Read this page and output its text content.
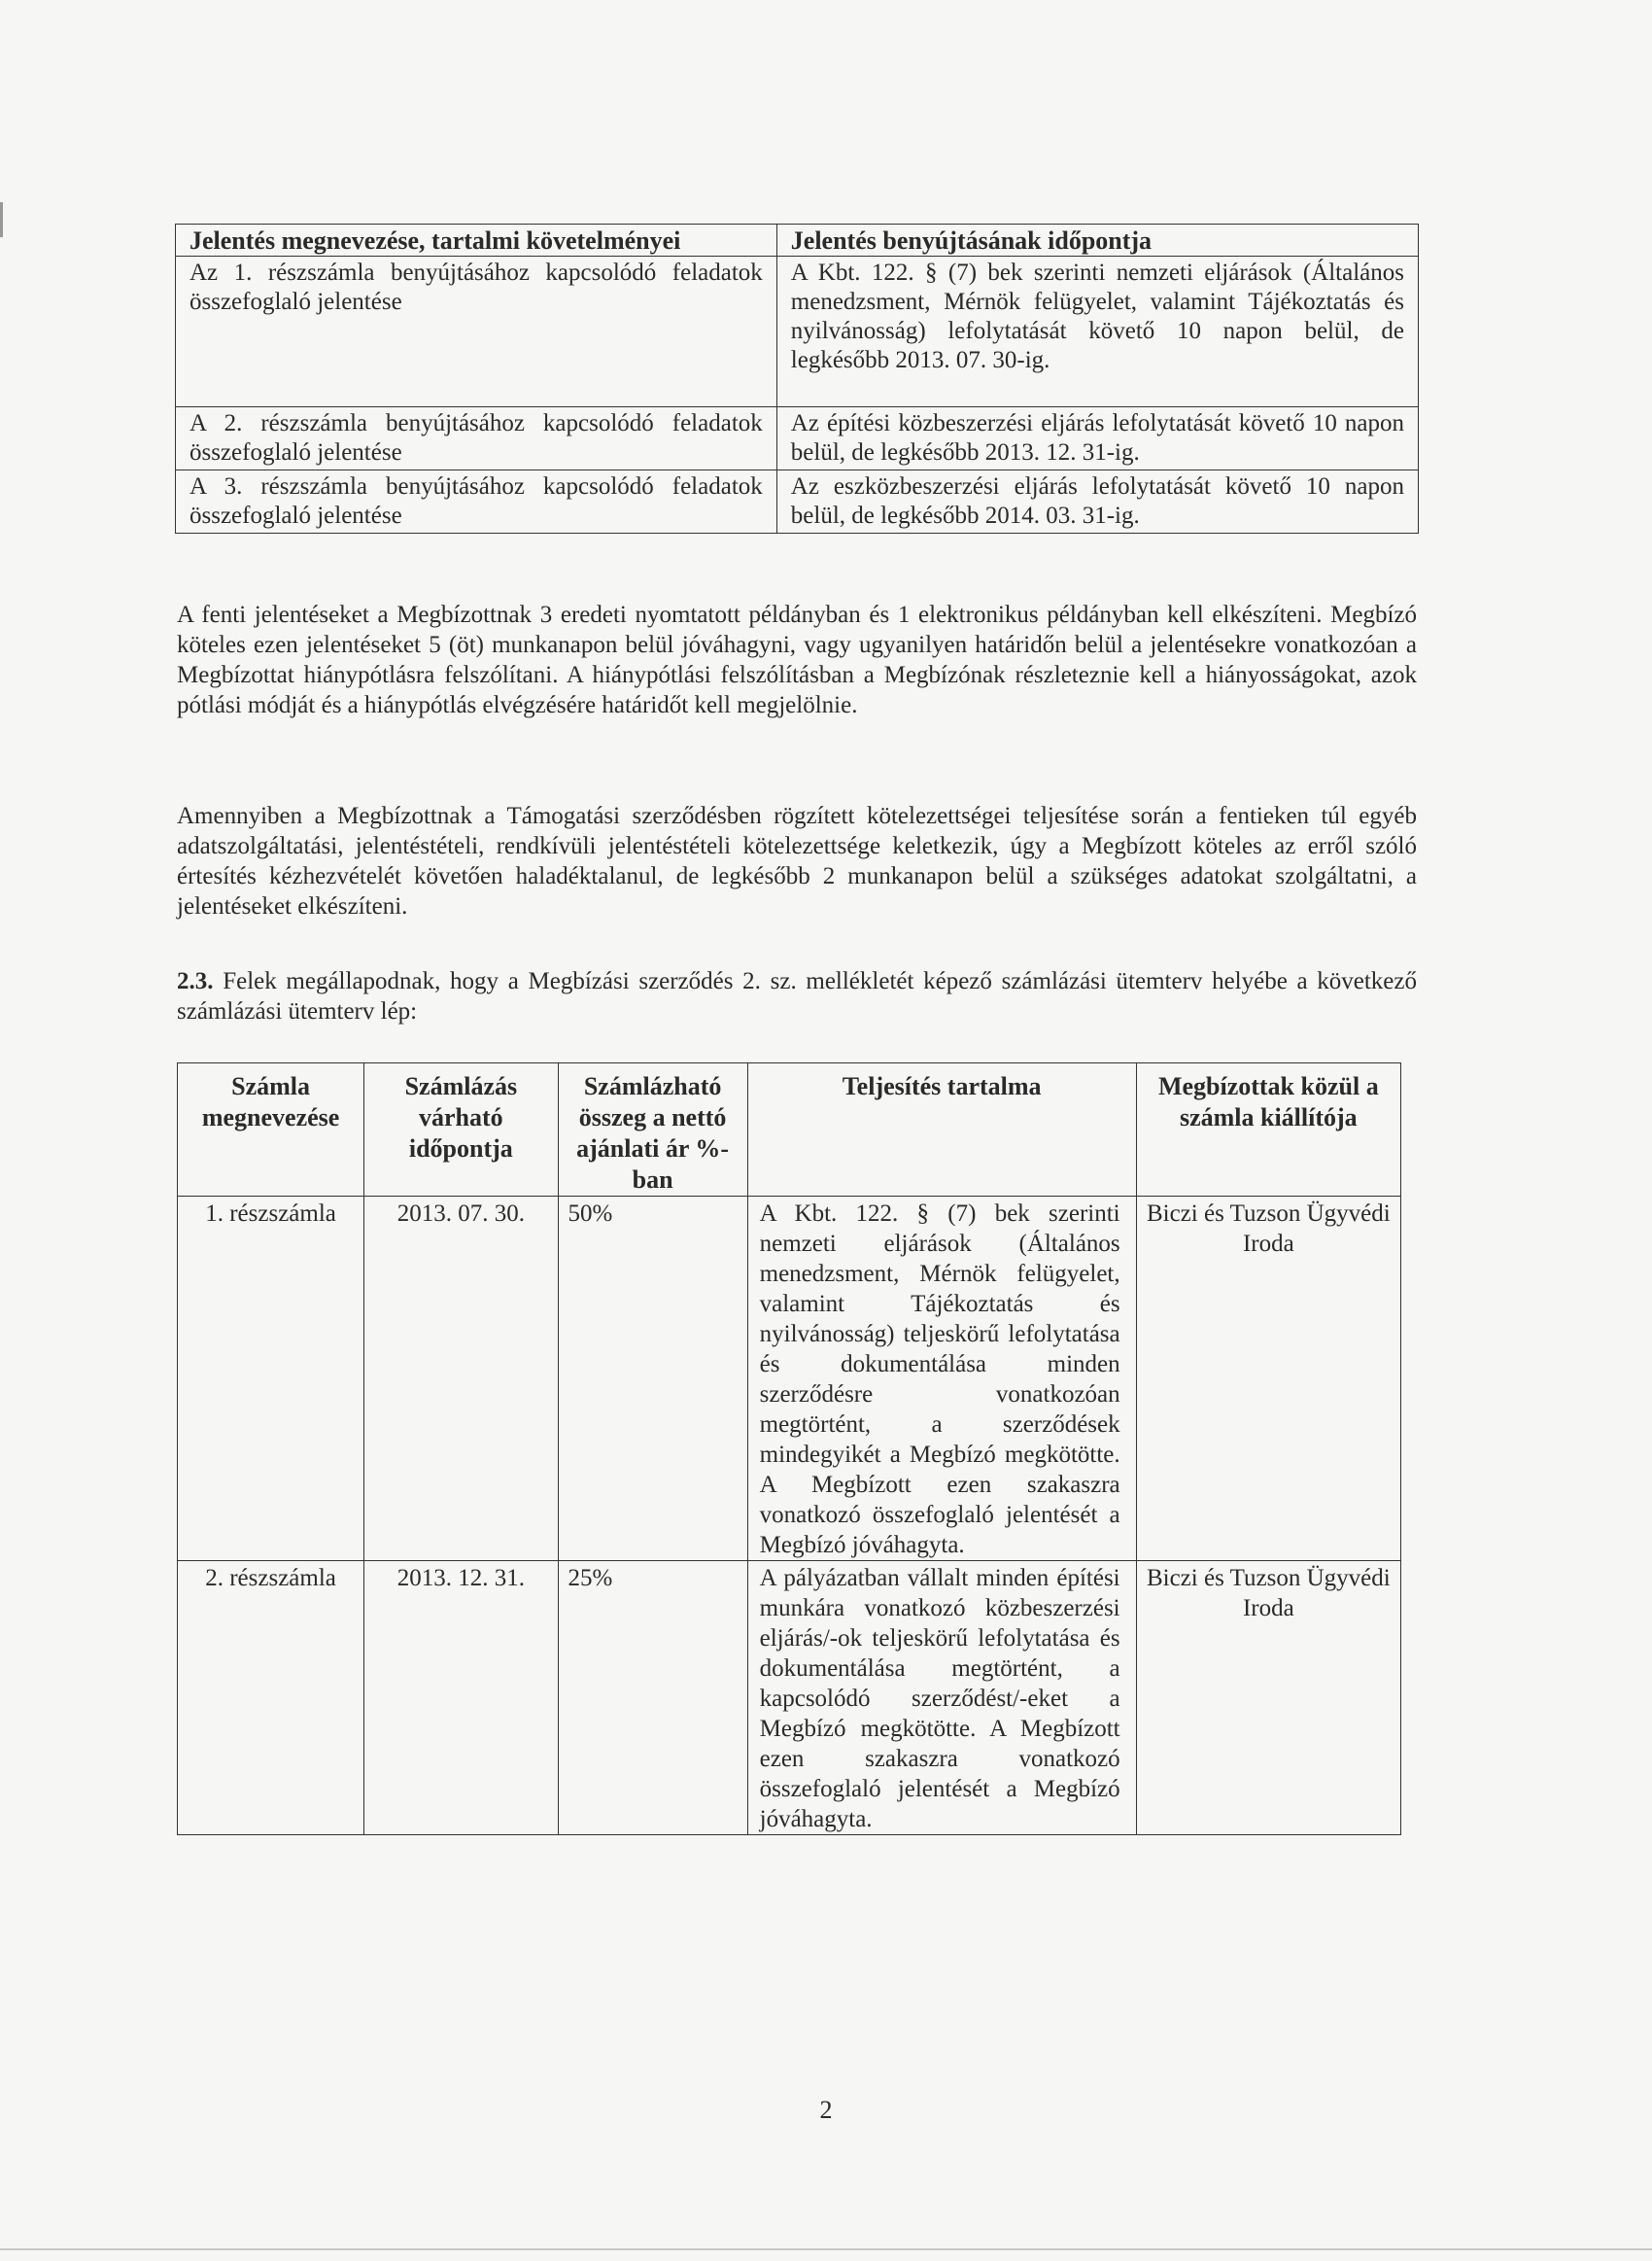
Jelentés megnevezése, tartalmi követelményei	Jelentés benyújtásának időpontja
Az 1. részszámla benyújtásához kapcsolódó feladatok összefoglaló jelentése	A Kbt. 122. § (7) bek szerinti nemzeti eljárások (Általános menedzsment, Mérnök felügyelet, valamint Tájékoztatás és nyilvánosság) lefolytatását követő 10 napon belül, de legkésőbb 2013. 07. 30-ig.
A 2. részszámla benyújtásához kapcsolódó feladatok összefoglaló jelentése	Az építési közbeszerzési eljárás lefolytatását követő 10 napon belül, de legkésőbb 2013. 12. 31-ig.
A 3. részszámla benyújtásához kapcsolódó feladatok összefoglaló jelentése	Az eszközbeszerzési eljárás lefolytatását követő 10 napon belül, de legkésőbb 2014. 03. 31-ig.
A fenti jelentéseket a Megbízottnak 3 eredeti nyomtatott példányban és 1 elektronikus példányban kell elkészíteni. Megbízó köteles ezen jelentéseket 5 (öt) munkanapon belül jóváhagyni, vagy ugyanilyen határidőn belül a jelentésekre vonatkozóan a Megbízottat hiánypótlásra felszólítani. A hiánypótlási felszólításban a Megbízónak részleteznie kell a hiányosságokat, azok pótlási módját és a hiánypótlás elvégzésére határidőt kell megjelölnie.
Amennyiben a Megbízottnak a Támogatási szerződésben rögzített kötelezettségei teljesítése során a fentieken túl egyéb adatszolgáltatási, jelentéstételi, rendkívüli jelentéstételi kötelezettsége keletkezik, úgy a Megbízott köteles az erről szóló értesítés kézhezvételét követően haladéktalanul, de legkésőbb 2 munkanapon belül a szükséges adatokat szolgáltatni, a jelentéseket elkészíteni.
2.3. Felek megállapodnak, hogy a Megbízási szerződés 2. sz. mellékletét képező számlázási ütemterv helyébe a következő számlázási ütemterv lép:
Számla megnevezése	Számlázás várható időpontja	Számlázható összeg a nettó ajánlati ár %-ban	Teljesítés tartalma	Megbízottak közül a számla kiállítója
1. részszámla	2013. 07. 30.	50%	A Kbt. 122. § (7) bek szerinti nemzeti eljárások (Általános menedzsment, Mérnök felügyelet, valamint Tájékoztatás és nyilvánosság) teljeskörű lefolytatása és dokumentálása minden szerződésre vonatkozóan megtörtént, a szerződések mindegyikét a Megbízó megkötötte. A Megbízott ezen szakaszra vonatkozó összefoglaló jelentését a Megbízó jóváhagyta.	Biczi és Tuzson Ügyvédi Iroda
2. részszámla	2013. 12. 31.	25%	A pályázatban vállalt minden építési munkára vonatkozó közbeszerzési eljárás/-ok teljeskörű lefolytatása és dokumentálása megtörtént, a kapcsolódó szerződést/-eket a Megbízó megkötötte. A Megbízott ezen szakaszra vonatkozó összefoglaló jelentését a Megbízó jóváhagyta.	Biczi és Tuzson Ügyvédi Iroda
2
